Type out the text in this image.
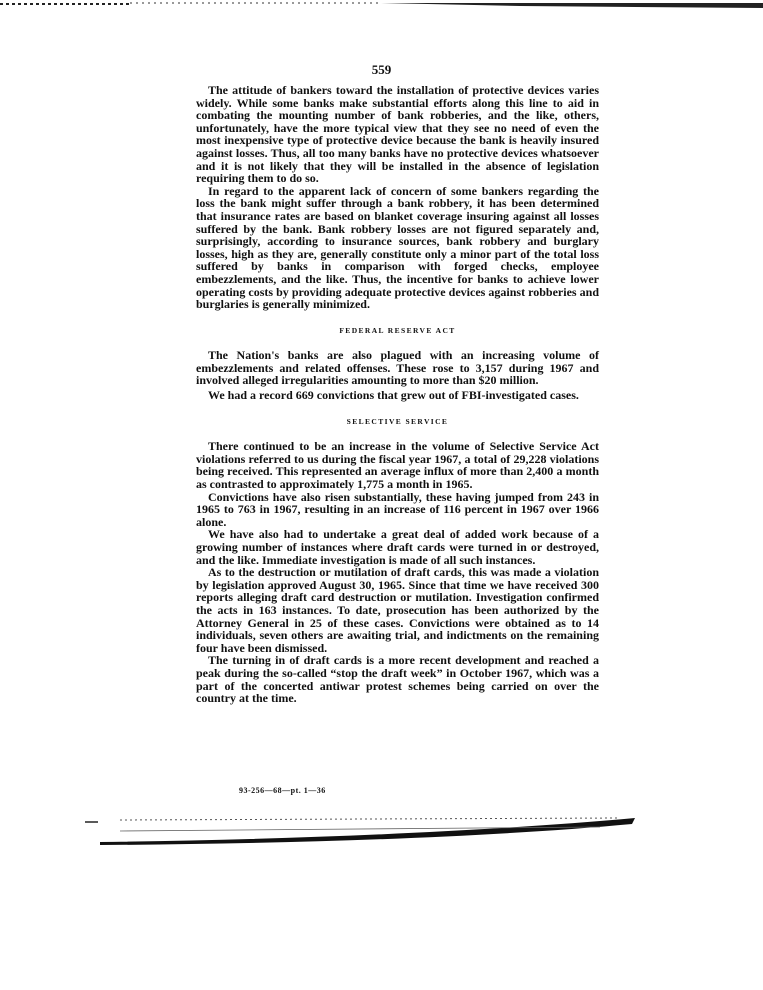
559

The attitude of bankers toward the installation of protective devices varies widely. While some banks make substantial efforts along this line to aid in combating the mounting number of bank robberies, and the like, others, unfortunately, have the more typical view that they see no need of even the most inexpensive type of protective device because the bank is heavily insured against losses. Thus, all too many banks have no protective devices whatsoever and it is not likely that they will be installed in the absence of legislation requiring them to do so.

In regard to the apparent lack of concern of some bankers regarding the loss the bank might suffer through a bank robbery, it has been determined that insurance rates are based on blanket coverage insuring against all losses suffered by the bank. Bank robbery losses are not figured separately and, surprisingly, according to insurance sources, bank robbery and burglary losses, high as they are, generally constitute only a minor part of the total loss suffered by banks in comparison with forged checks, employee embezzlements, and the like. Thus, the incentive for banks to achieve lower operating costs by providing adequate protective devices against robberies and burglaries is generally minimized.

FEDERAL RESERVE ACT

The Nation's banks are also plagued with an increasing volume of embezzlements and related offenses. These rose to 3,157 during 1967 and involved alleged irregularities amounting to more than $20 million.

We had a record 669 convictions that grew out of FBI-investigated cases.

SELECTIVE SERVICE

There continued to be an increase in the volume of Selective Service Act violations referred to us during the fiscal year 1967, a total of 29,228 violations being received. This represented an average influx of more than 2,400 a month as contrasted to approximately 1,775 a month in 1965.

Convictions have also risen substantially, these having jumped from 243 in 1965 to 763 in 1967, resulting in an increase of 116 percent in 1967 over 1966 alone.

We have also had to undertake a great deal of added work because of a growing number of instances where draft cards were turned in or destroyed, and the like. Immediate investigation is made of all such instances.

As to the destruction or mutilation of draft cards, this was made a violation by legislation approved August 30, 1965. Since that time we have received 300 reports alleging draft card destruction or mutilation. Investigation confirmed the acts in 163 instances. To date, prosecution has been authorized by the Attorney General in 25 of these cases. Convictions were obtained as to 14 individuals, seven others are awaiting trial, and indictments on the remaining four have been dismissed.

The turning in of draft cards is a more recent development and reached a peak during the so-called “stop the draft week” in October 1967, which was a part of the concerted antiwar protest schemes being carried on over the country at the time.

93-256—68—pt. 1—36
